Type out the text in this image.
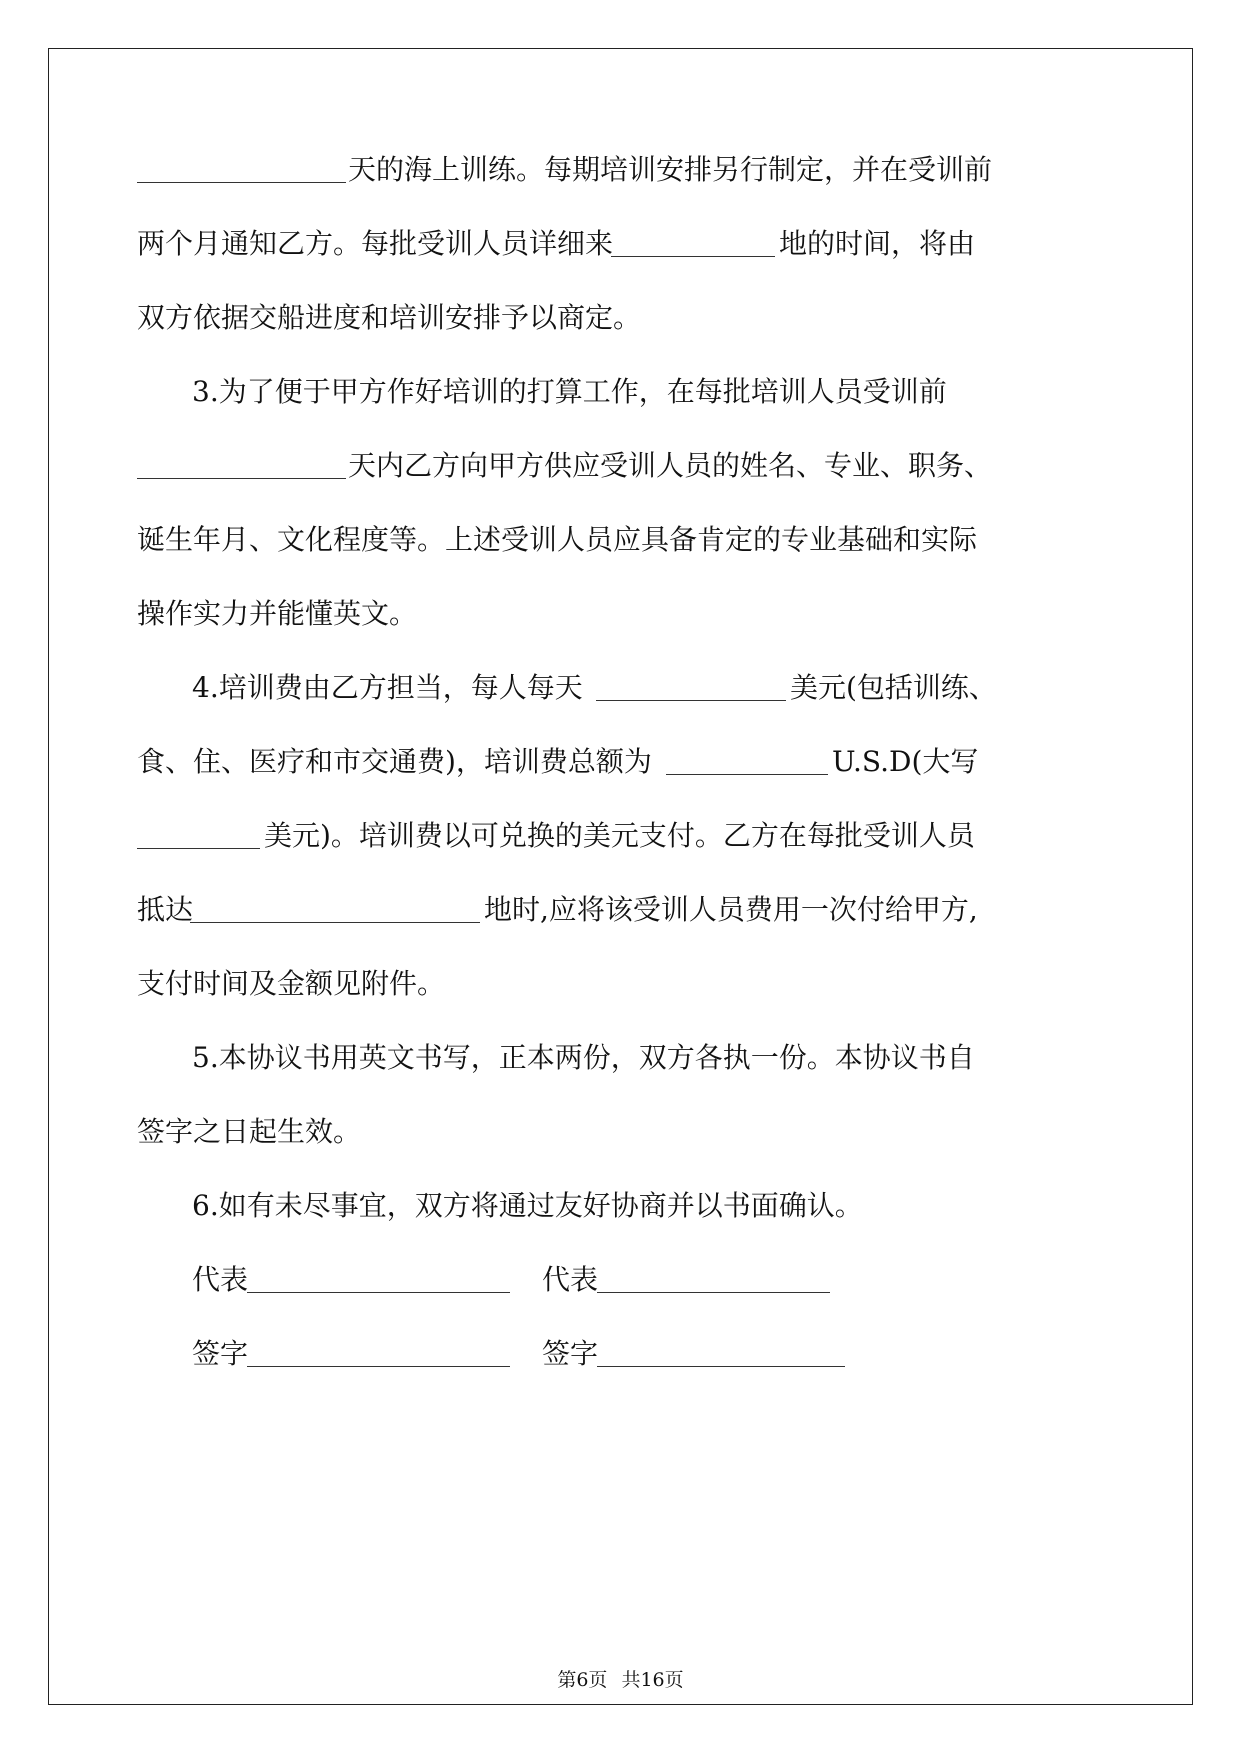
天的海上训练。每期培训安排另行制定，并在受训前
两个月通知乙方。每批受训人员详细来	地的时间，将由
双方依据交船进度和培训安排予以商定。
3.为了便于甲方作好培训的打算工作，在每批培训人员受训前
天内乙方向甲方供应受训人员的姓名、专业、职务、
诞生年月、文化程度等。上述受训人员应具备肯定的专业基础和实际
操作实力并能懂英文。
4.培训费由乙方担当，每人每天	美元(包括训练、
食、住、医疗和市交通费)，培训费总额为	U.S.D(大写
美元)。培训费以可兑换的美元支付。乙方在每批受训人员
抵达	地时,应将该受训人员费用一次付给甲方,
支付时间及金额见附件。
5.本协议书用英文书写，正本两份，双方各执一份。本协议书自
签字之日起生效。
6.如有未尽事宜，双方将通过友好协商并以书面确认。
代表	代表
签字	签字
第6页 共16页
